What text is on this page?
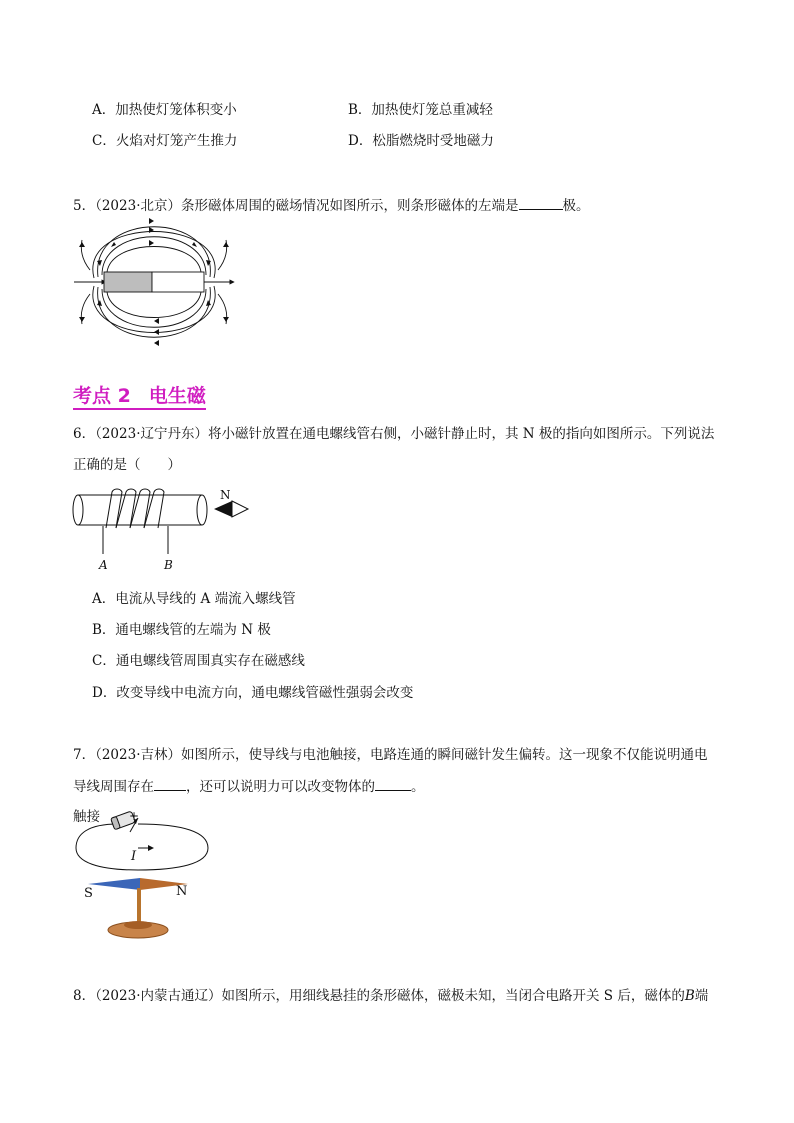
A．加热使灯笼体积变小	B．加热使灯笼总重减轻
C．火焰对灯笼产生推力	D．松脂燃烧时受地磁力
5．（2023·北京）条形磁体周围的磁场情况如图所示，则条形磁体的左端是	极。
考点 2 电生磁
6．（2023·辽宁丹东）将小磁针放置在通电螺线管右侧，小磁针静止时，其 N 极的指向如图所示。下列说法
正确的是（　　）
N
A	B
A．电流从导线的 A 端流入螺线管
B．通电螺线管的左端为 N 极
C．通电螺线管周围真实存在磁感线
D．改变导线中电流方向，通电螺线管磁性强弱会改变
7．（2023·吉林）如图所示，使导线与电池触接，电路连通的瞬间磁针发生偏转。这一现象不仅能说明通电
导线周围存在 ，还可以说明力可以改变物体的	。
触接 +
I
S	N
8．（2023·内蒙古通辽）如图所示，用细线悬挂的条形磁体，磁极未知，当闭合电路开关 S 后，磁体的B端
